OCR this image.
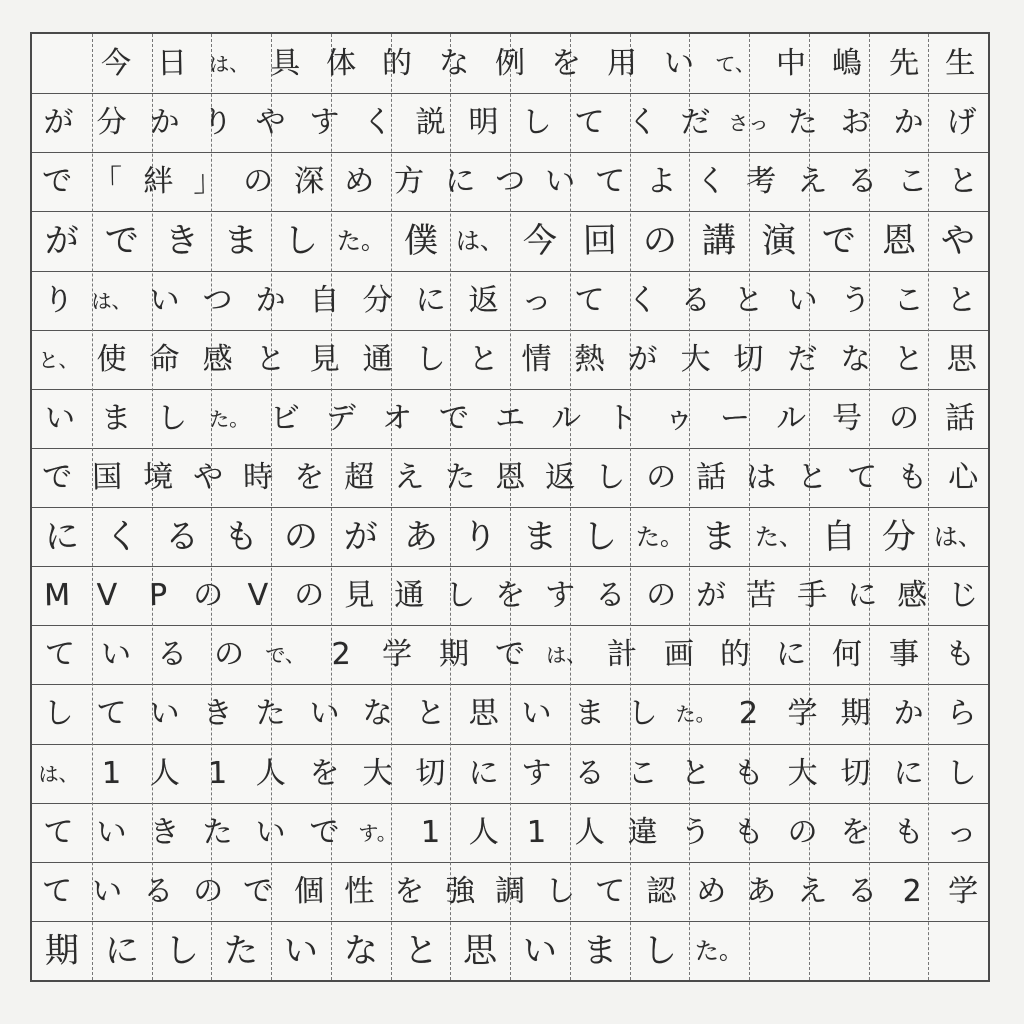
今 日	は、 具 体 的 な 例 を 用 い	て、 中 嶋 先 生
が 分 か り や す く 説 明 し て く だ さっ た お か げ
で 「 絆 」 の 深 め 方 に つ い て よ く 考 え る こ と
が で き ま し た。 僕 は、 今 回 の 講 演 で 恩 や
り は、 い つ か 自 分 に 返 っ て く る と い う こ と
と、 使 命 感 と 見 通 し と 情 熱 が 大 切 だ な と 思
い ま し	た。 ビ デ オ で エ ル ト ゥ ー ル 号 の 話
で 国 境 や 時 を 超 え た 恩 返 し の 話 は と て も 心
に く る も の が あ り ま し た。 ま た、 自 分 は、
M V	P の V の 見 通 し を す る の が 苦 手 に 感 じ
て い る の	で、 2	学 期 で	は、 計 画 的 に 何 事 も
し て い き た い な と 思 い ま し た。 2 学 期 か ら
は、 1 人 1 人 を 大 切 に す る こ と も 大 切 に し
て い き た い で す。 1 人 1 人 違 う も の を も っ
て い る の で 個 性 を 強 調 し て 認 め あ え る 2 学
期 に し た い な と 思 い ま し た。
